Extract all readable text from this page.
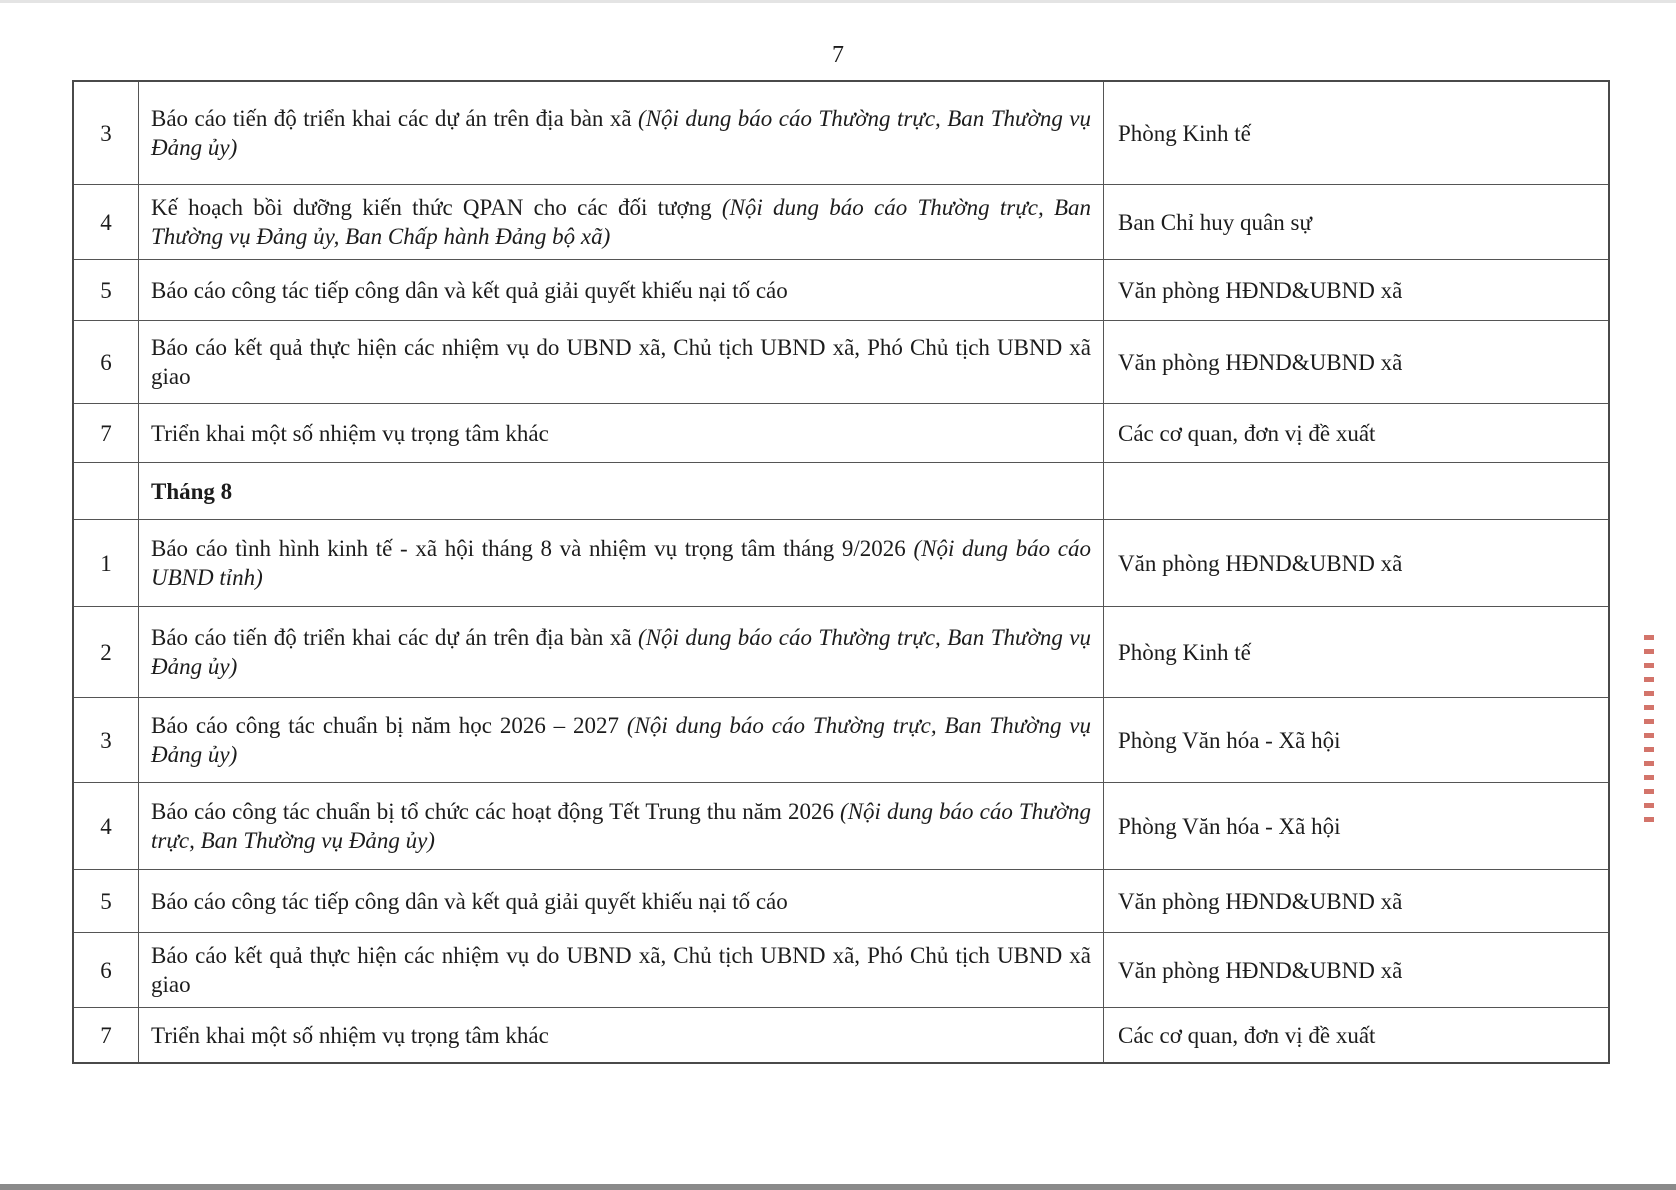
7
3	Báo cáo tiến độ triển khai các dự án trên địa bàn xã (Nội dung báo cáo Thường trực, Ban Thường vụ Đảng ủy)	Phòng Kinh tế
4	Kế hoạch bồi dưỡng kiến thức QPAN cho các đối tượng (Nội dung báo cáo Thường trực, Ban Thường vụ Đảng ủy, Ban Chấp hành Đảng bộ xã)	Ban Chỉ huy quân sự
5	Báo cáo công tác tiếp công dân và kết quả giải quyết khiếu nại tố cáo	Văn phòng HĐND&UBND xã
6	Báo cáo kết quả thực hiện các nhiệm vụ do UBND xã, Chủ tịch UBND xã, Phó Chủ tịch UBND xã giao	Văn phòng HĐND&UBND xã
7	Triển khai một số nhiệm vụ trọng tâm khác	Các cơ quan, đơn vị đề xuất
	Tháng 8	
1	Báo cáo tình hình kinh tế - xã hội tháng 8 và nhiệm vụ trọng tâm tháng 9/2026 (Nội dung báo cáo UBND tỉnh)	Văn phòng HĐND&UBND xã
2	Báo cáo tiến độ triển khai các dự án trên địa bàn xã (Nội dung báo cáo Thường trực, Ban Thường vụ Đảng ủy)	Phòng Kinh tế
3	Báo cáo công tác chuẩn bị năm học 2026 – 2027 (Nội dung báo cáo Thường trực, Ban Thường vụ Đảng ủy)	Phòng Văn hóa - Xã hội
4	Báo cáo công tác chuẩn bị tổ chức các hoạt động Tết Trung thu năm 2026 (Nội dung báo cáo Thường trực, Ban Thường vụ Đảng ủy)	Phòng Văn hóa - Xã hội
5	Báo cáo công tác tiếp công dân và kết quả giải quyết khiếu nại tố cáo	Văn phòng HĐND&UBND xã
6	Báo cáo kết quả thực hiện các nhiệm vụ do UBND xã, Chủ tịch UBND xã, Phó Chủ tịch UBND xã giao	Văn phòng HĐND&UBND xã
7	Triển khai một số nhiệm vụ trọng tâm khác	Các cơ quan, đơn vị đề xuất
